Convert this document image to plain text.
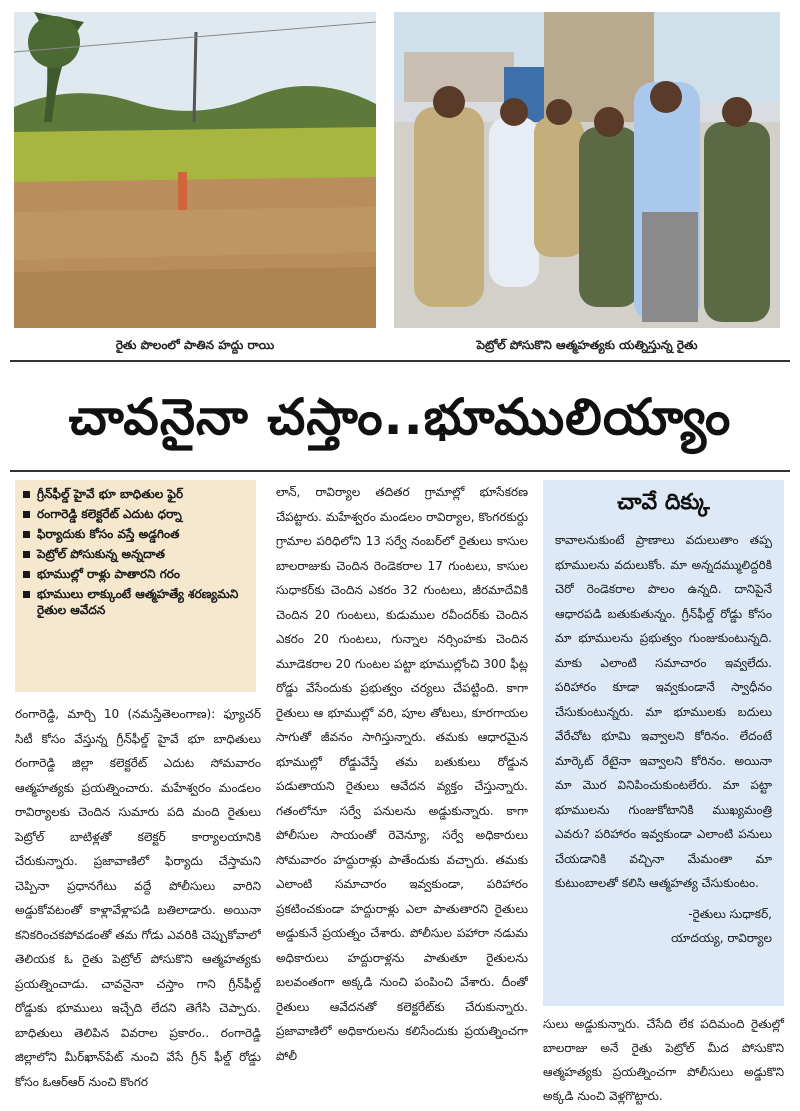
రైతు పొలంలో పాతిన హద్దు రాయి	పెట్రోల్ పోసుకొని ఆత్మహత్యకు యత్నిస్తున్న రైతు
చావనైనా చస్తాం..భూములియ్యాం
గ్రీన్‌ఫీల్డ్ హైవే భూ బాధితుల ఫైర్
రంగారెడ్డి కలెక్టరేట్ ఎదుట ధర్నా
ఫిర్యాదుకు కోసం వస్తే అడ్డగింత
పెట్రోల్ పోసుకున్న అన్నదాత
భూముల్లో రాళ్లు పాతారని గరం
భూములు లాక్కుంటే ఆత్మహత్యే శరణ్యమని రైతుల ఆవేదన

రంగారెడ్డి, మార్చి 10 (నమస్తేతెలంగాణ): ఫ్యూచర్ సిటీ కోసం వేస్తున్న గ్రీన్‌ఫీల్డ్ హైవే భూ బాధితులు రంగారెడ్డి జిల్లా కలెక్టరేట్ ఎదుట సోమవారం ఆత్మహత్యకు ప్రయత్నించారు. మహేశ్వరం మండలం రావిర్యాలకు చెందిన సుమారు పది మంది రైతులు పెట్రోల్ బాటిళ్లతో కలెక్టర్ కార్యాలయానికి చేరుకున్నారు. ప్రజావాణిలో ఫిర్యాదు చేస్తామని చెప్పినా ప్రధానగేటు వద్దే పోలీసులు వారిని అడ్డుకోవటంతో కాళ్లావేళ్లాపడి బతిలాడారు. అయినా కనికరించకపోవడంతో తమ గోడు ఎవరికి చెప్పుకోవాలో తెలియక ఓ రైతు పెట్రోల్ పోసుకొని ఆత్మహత్యకు ప్రయత్నించాడు. చావనైనా చస్తాం గాని గ్రీన్‌ఫీల్డ్ రోడ్డుకు భూములు ఇచ్చేది లేదని తెగేసి చెప్పారు. బాధితులు తెలిపిన వివరాల ప్రకారం.. రంగారెడ్డి జిల్లాలోని మీర్‌ఖాన్‌పేట్ నుంచి వేసే గ్రీన్ ఫీల్డ్ రోడ్డు కోసం ఓఆర్ఆర్ నుంచి కొంగర

లాన్, రావిర్యాల తదితర గ్రామాల్లో భూసేకరణ చేపట్టారు. మహేశ్వరం మండలం రావిర్యాల, కొంగరకుర్దు గ్రామాల పరిధిలోని 13 సర్వే నంబర్‌లో రైతులు కాసుల బాలరాజుకు చెందిన రెండెకరాల 17 గుంటలు, కాసుల సుధాకర్‌కు చెందిన ఎకరం 32 గుంటలు, జీరమాదేవికి చెందిన 20 గుంటలు, కుడుముల రవీందర్‌కు చెందిన ఎకరం 20 గుంటలు, గున్నాల నర్సింహకు చెందిన మూడెకరాల 20 గుంటల పట్టా భూముల్లోంచి 300 ఫీట్ల రోడ్డు వేసేందుకు ప్రభుత్వం చర్యలు చేపట్టింది. కాగా రైతులు ఆ భూముల్లో వరి, పూల తోటలు, కూరగాయల సాగుతో జీవనం సాగిస్తున్నారు. తమకు ఆధారమైన భూముల్లో రోడ్డువేస్తే తమ బతుకులు రోడ్డున పడుతాయని రైతులు ఆవేదన వ్యక్తం చేస్తున్నారు. గతంలోనూ సర్వే పనులను అడ్డుకున్నారు. కాగా పోలీసుల సాయంతో రెవెన్యూ, సర్వే అధికారులు సోమవారం హద్దురాళ్లు పాతేందుకు వచ్చారు. తమకు ఎలాంటి సమాచారం ఇవ్వకుండా, పరిహారం ప్రకటించకుండా హద్దురాళ్లు ఎలా పాతుతారని రైతులు అడ్డుకునే ప్రయత్నం చేశారు. పోలీసుల పహారా నడుమ అధికారులు హద్దురాళ్లను పాతుతూ రైతులను బలవంతంగా అక్కడి నుంచి పంపించి వేశారు. దీంతో రైతులు ఆవేదనతో కలెక్టరేట్‌కు చేరుకున్నారు. ప్రజావాణిలో అధికారులను కలిసేందుకు ప్రయత్నించగా పోలీ

చావే దిక్కు
కావాలనుకుంటే ప్రాణాలు వదులుతాం తప్ప భూములను వదులుకోం. మా అన్నదమ్ములిద్దరికి చెరో రెండెకరాల పొలం ఉన్నది. దానిపైనే ఆధారపడి బతుకుతున్నం. గ్రీన్‌ఫీల్డ్ రోడ్డు కోసం మా భూములను ప్రభుత్వం గుంజుకుంటున్నది. మాకు ఎలాంటి సమాచారం ఇవ్వలేదు. పరిహారం కూడా ఇవ్వకుండానే స్వాధీనం చేసుకుంటున్నరు. మా భూములకు బదులు వేరేచోట భూమి ఇవ్వాలని కోరినం. లేదంటే మార్కెట్ రేటైనా ఇవ్వాలని కోరినం. అయినా మా మొర వినిపించుకుంటలేరు. మా పట్టా భూములను గుంజుకోటానికి ముఖ్యమంత్రి ఎవరు? పరిహారం ఇవ్వకుండా ఎలాంటి పనులు చేయడానికి వచ్చినా మేమంతా మా కుటుంబాలతో కలిసి ఆత్మహత్య చేసుకుంటం.
-రైతులు సుధాకర్,
యాదయ్య, రావిర్యాల
సులు అడ్డుకున్నారు. చేసేది లేక పదిమంది రైతుల్లో బాలరాజు అనే రైతు పెట్రోల్ మీద పోసుకొని ఆత్మహత్యకు ప్రయత్నించగా పోలీసులు అడ్డుకొని అక్కడి నుంచి వెళ్లగొట్టారు.
